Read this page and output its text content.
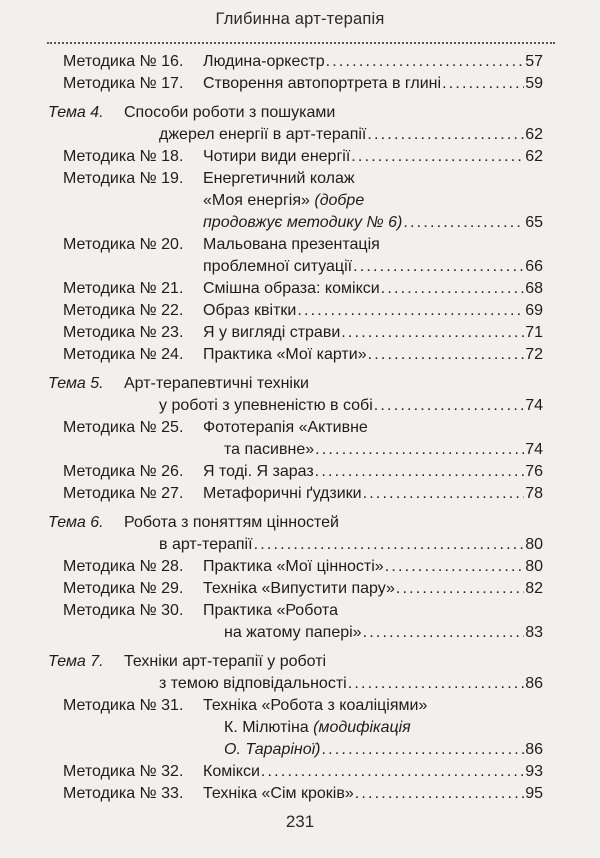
Глибинна арт-терапія
Методика № 16. Людина-оркестр .....	57
Методика № 17. Створення автопортрета в глині .....	59
Тема 4. Способи роботи з пошуками
джерел енергії в арт-терапії .....	62
Методика № 18. Чотири види енергії .....	62
Методика № 19. Енергетичний колаж
«Моя енергія» (добре
продовжує методику № 6) .....	65
Методика № 20. Мальована презентація
проблемної ситуації .....	66
Методика № 21. Смішна образа: комікси .....	68
Методика № 22. Образ квітки .....	69
Методика № 23. Я у вигляді страви .....	71
Методика № 24. Практика «Мої карти» .....	72
Тема 5. Арт-терапевтичні техніки
у роботі з упевненістю в собі .....	74
Методика № 25. Фототерапія «Активне
та пасивне» .....	74
Методика № 26. Я тоді. Я зараз .....	76
Методика № 27. Метафоричні ґудзики .....	78
Тема 6. Робота з поняттям цінностей
в арт-терапії .....	80
Методика № 28. Практика «Мої цінності» .....	80
Методика № 29. Техніка «Випустити пару» .....	82
Методика № 30. Практика «Робота
на жатому папері» .....	83
Тема 7. Техніки арт-терапії у роботі
з темою відповідальності .....	86
Методика № 31. Техніка «Робота з коаліціями»
К. Мілютіна (модифікація
О. Тараріної) .....	86
Методика № 32. Комікси .....	93
Методика № 33. Техніка «Сім кроків» .....	95
231
